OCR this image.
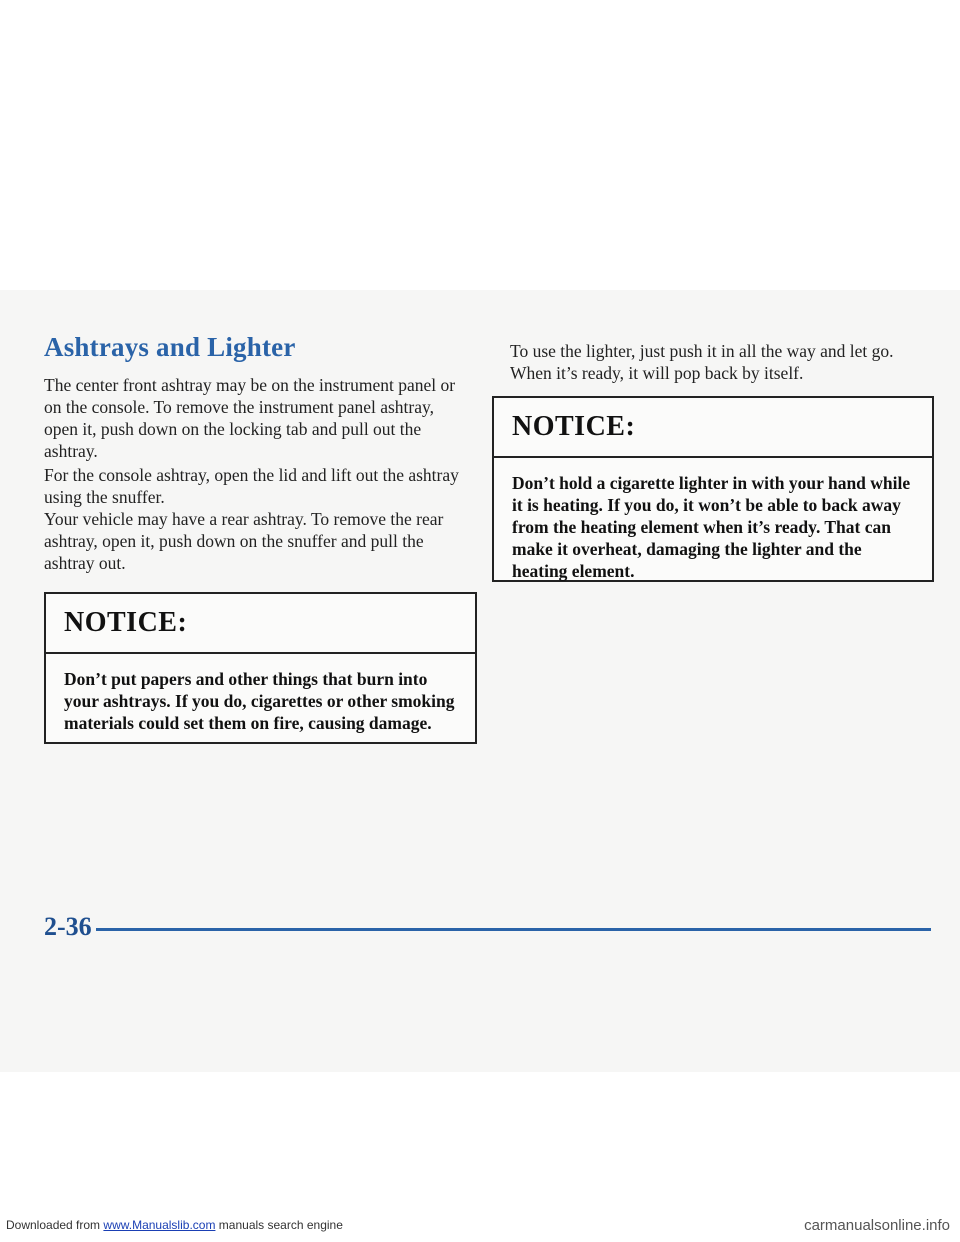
Ashtrays and Lighter

The center front ashtray may be on the instrument panel or on the console. To remove the instrument panel ashtray, open it, push down on the locking tab and pull out the ashtray.

For the console ashtray, open the lid and lift out the ashtray using the snuffer.

Your vehicle may have a rear ashtray. To remove the rear ashtray, open it, push down on the snuffer and pull the ashtray out.

NOTICE:
Don’t put papers and other things that burn into your ashtrays. If you do, cigarettes or other smoking materials could set them on fire, causing damage.

To use the lighter, just push it in all the way and let go. When it’s ready, it will pop back by itself.

NOTICE:
Don’t hold a cigarette lighter in with your hand while it is heating. If you do, it won’t be able to back away from the heating element when it’s ready. That can make it overheat, damaging the lighter and the heating element.
2-36
Downloaded from www.Manualslib.com manuals search engine	carmanualsonline.info
